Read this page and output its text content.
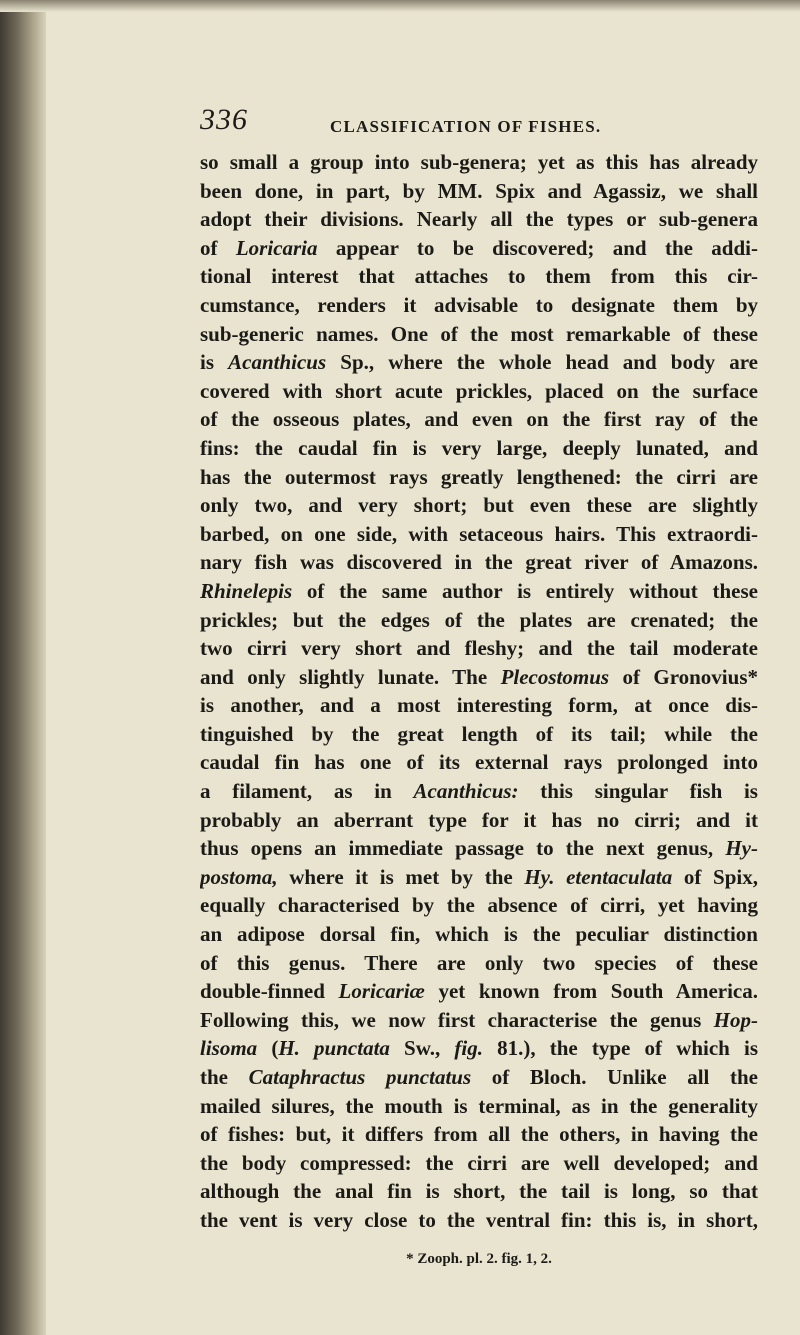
336	CLASSIFICATION OF FISHES.
so small a group into sub-genera; yet as this has already
been done, in part, by MM. Spix and Agassiz, we shall
adopt their divisions. Nearly all the types or sub-genera
of Loricaria appear to be discovered; and the addi-
tional interest that attaches to them from this cir-
cumstance, renders it advisable to designate them by
sub-generic names. One of the most remarkable of these
is Acanthicus Sp., where the whole head and body are
covered with short acute prickles, placed on the surface
of the osseous plates, and even on the first ray of the
fins: the caudal fin is very large, deeply lunated, and
has the outermost rays greatly lengthened: the cirri are
only two, and very short; but even these are slightly
barbed, on one side, with setaceous hairs. This extraordi-
nary fish was discovered in the great river of Amazons.
Rhinelepis of the same author is entirely without these
prickles; but the edges of the plates are crenated; the
two cirri very short and fleshy; and the tail moderate
and only slightly lunate. The Plecostomus of Gronovius*
is another, and a most interesting form, at once dis-
tinguished by the great length of its tail; while the
caudal fin has one of its external rays prolonged into
a filament, as in Acanthicus: this singular fish is
probably an aberrant type for it has no cirri; and it
thus opens an immediate passage to the next genus, Hy-
postoma, where it is met by the Hy. etentaculata of Spix,
equally characterised by the absence of cirri, yet having
an adipose dorsal fin, which is the peculiar distinction
of this genus. There are only two species of these
double-finned Loricariæ yet known from South America.
Following this, we now first characterise the genus Hop-
lisoma (H. punctata Sw., fig. 81.), the type of which is
the Cataphractus punctatus of Bloch. Unlike all the
mailed silures, the mouth is terminal, as in the generality
of fishes: but, it differs from all the others, in having the
the body compressed: the cirri are well developed; and
although the anal fin is short, the tail is long, so that
the vent is very close to the ventral fin: this is, in short,
* Zooph. pl. 2. fig. 1, 2.
